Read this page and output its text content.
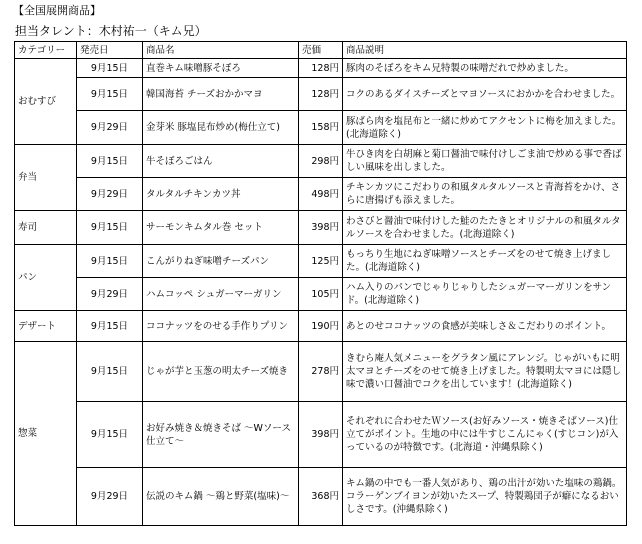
【全国展開商品】
担当タレント：木村祐一（キム兄）
カテゴリー	発売日	商品名	売価	商品説明
おむすび	9月15日	直巻キム味噌豚そぼろ	128円	豚肉のそぼろをキム兄特製の味噌だれで炒めました。
	9月15日	韓国海苔 チーズおかかマヨ	128円	コクのあるダイスチーズとマヨソースにおかかを合わせました。
	9月29日	金芽米 豚塩昆布炒め(梅仕立て)	158円	豚ばら肉を塩昆布と一緒に炒めてアクセントに梅を加えました。(北海道除く)
弁当	9月15日	牛そぼろごはん	298円	牛ひき肉を白胡麻と菊口醤油で味付けしごま油で炒める事で香ばしい風味を出しました。
	9月29日	タルタルチキンカツ丼	498円	チキンカツにこだわりの和風タルタルソースと青海苔をかけ、さらに唐揚げも添えました。
寿司	9月15日	サーモンキムタル巻 セット	398円	わさびと醤油で味付けした鮭のたたきとオリジナルの和風タルタルソースを合わせました。(北海道除く)
パン	9月15日	こんがりねぎ味噌チーズパン	125円	もっちり生地にねぎ味噌ソースとチーズをのせて焼き上げました。(北海道除く)
	9月29日	ハムコッペ シュガーマーガリン	105円	ハム入りのパンでじゃりじゃりしたシュガーマーガリンをサンド。(北海道除く)
デザート	9月15日	ココナッツをのせる手作りプリン	190円	あとのせココナッツの食感が美味しさ＆こだわりのポイント。
惣菜	9月15日	じゃが芋と玉葱の明太チーズ焼き	278円	きむら庵人気メニューをグラタン風にアレンジ。じゃがいもに明太マヨとチーズをのせて焼き上げました。特製明太マヨには隠し味で濃い口醤油でコクを出しています！(北海道除く)
	9月15日	お好み焼き＆焼きそば ～Wソース仕立て～	398円	それぞれに合わせたＷソース(お好みソース・焼きそばソース)仕立てがポイント。生地の中には牛すじこんにゃく(すじコン)が入っているのが特徴です。(北海道・沖縄県除く)
	9月29日	伝説のキム鍋 ～鶏と野菜(塩味)～	368円	キム鍋の中でも一番人気があり、鶏の出汁が効いた塩味の鶏鍋。コラーゲンブイヨンが効いたスープ、特製鶏団子が癖になるおいしさです。(沖縄県除く)
